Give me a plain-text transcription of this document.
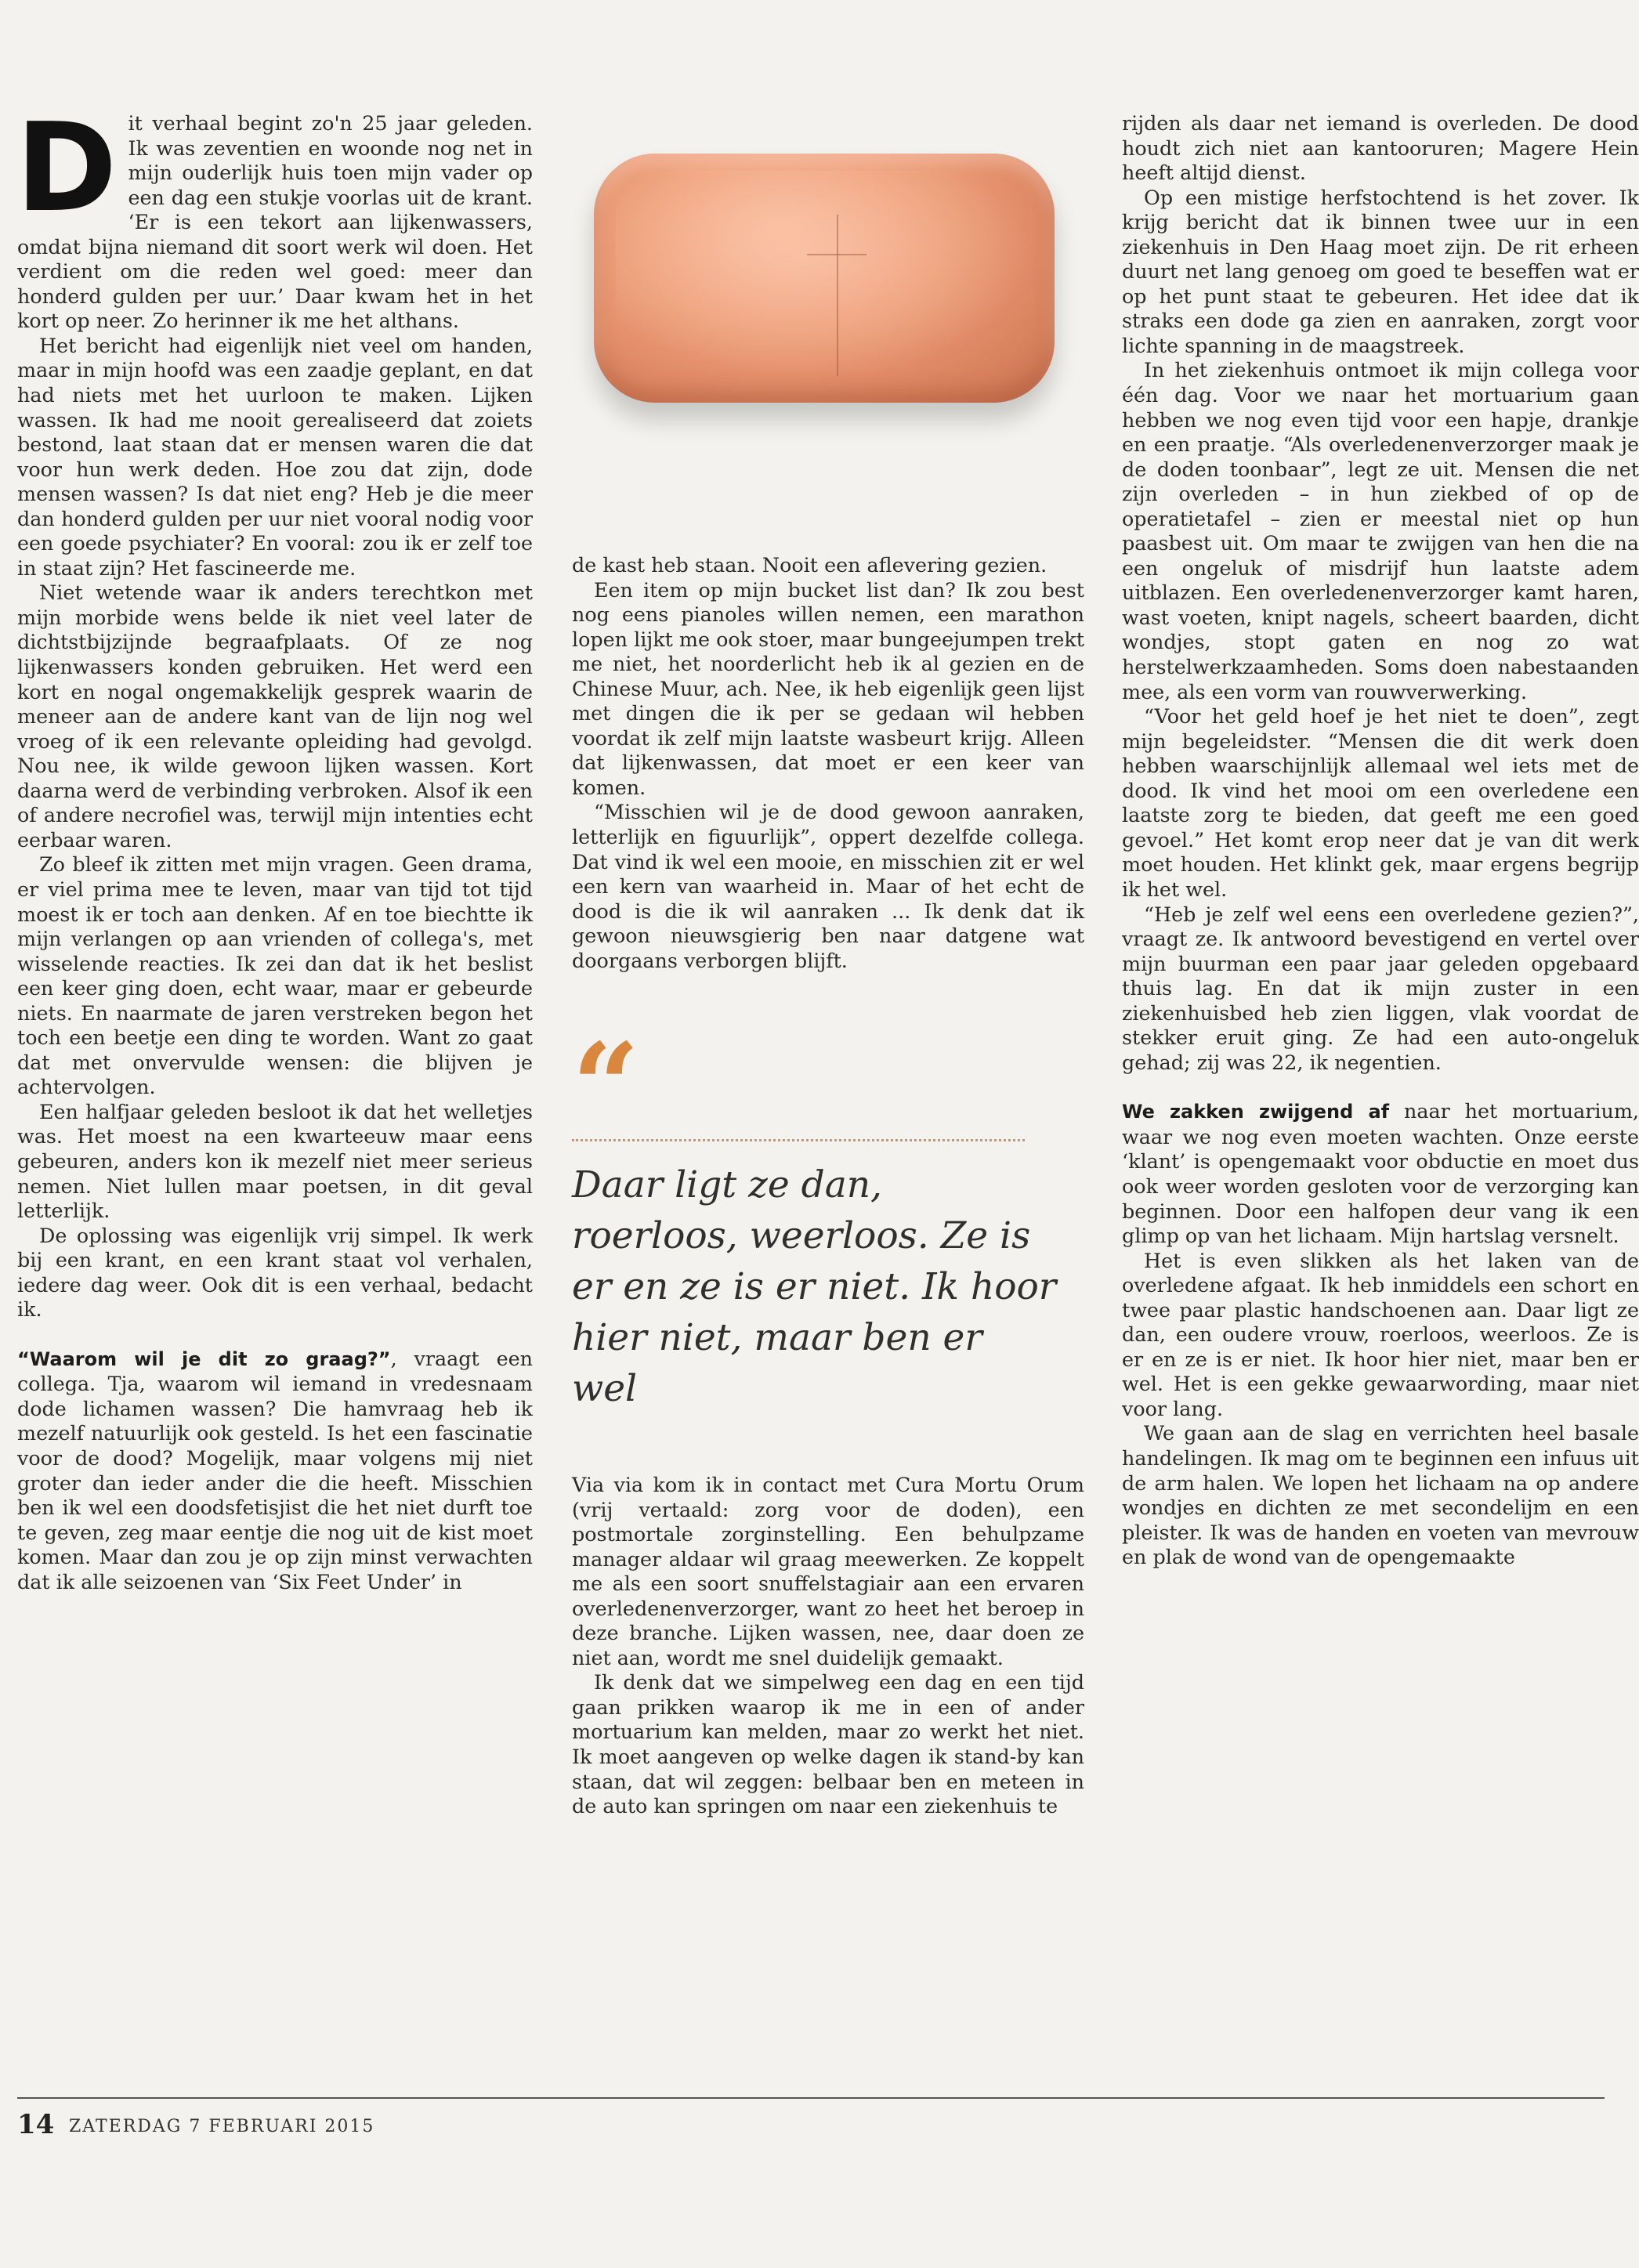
D it verhaal begint zo'n 25 jaar geleden. Ik was zeventien en woonde nog net in mijn ouderlijk huis toen mijn vader op een dag een stukje voorlas uit de krant. ‘Er is een tekort aan lijkenwassers, omdat bijna niemand dit soort werk wil doen. Het verdient om die reden wel goed: meer dan honderd gulden per uur.’ Daar kwam het in het kort op neer. Zo herinner ik me het althans.

Het bericht had eigenlijk niet veel om handen, maar in mijn hoofd was een zaadje geplant, en dat had niets met het uurloon te maken. Lijken wassen. Ik had me nooit gerealiseerd dat zoiets bestond, laat staan dat er mensen waren die dat voor hun werk deden. Hoe zou dat zijn, dode mensen wassen? Is dat niet eng? Heb je die meer dan honderd gulden per uur niet vooral nodig voor een goede psychiater? En vooral: zou ik er zelf toe in staat zijn? Het fascineerde me.

Niet wetende waar ik anders terechtkon met mijn morbide wens belde ik niet veel later de dichtstbijzijnde begraafplaats. Of ze nog lijkenwassers konden gebruiken. Het werd een kort en nogal ongemakkelijk gesprek waarin de meneer aan de andere kant van de lijn nog wel vroeg of ik een relevante opleiding had gevolgd. Nou nee, ik wilde gewoon lijken wassen. Kort daarna werd de verbinding verbroken. Alsof ik een of andere necrofiel was, terwijl mijn intenties echt eerbaar waren.

Zo bleef ik zitten met mijn vragen. Geen drama, er viel prima mee te leven, maar van tijd tot tijd moest ik er toch aan denken. Af en toe biechtte ik mijn verlangen op aan vrienden of collega's, met wisselende reacties. Ik zei dan dat ik het beslist een keer ging doen, echt waar, maar er gebeurde niets. En naarmate de jaren verstreken begon het toch een beetje een ding te worden. Want zo gaat dat met onvervulde wensen: die blijven je achtervolgen.

Een halfjaar geleden besloot ik dat het welletjes was. Het moest na een kwarteeuw maar eens gebeuren, anders kon ik mezelf niet meer serieus nemen. Niet lullen maar poetsen, in dit geval letterlijk.

De oplossing was eigenlijk vrij simpel. Ik werk bij een krant, en een krant staat vol verhalen, iedere dag weer. Ook dit is een verhaal, bedacht ik.

“Waarom wil je dit zo graag?”, vraagt een collega. Tja, waarom wil iemand in vredesnaam dode lichamen wassen? Die hamvraag heb ik mezelf natuurlijk ook gesteld. Is het een fascinatie voor de dood? Mogelijk, maar volgens mij niet groter dan ieder ander die die heeft. Misschien ben ik wel een doodsfetisjist die het niet durft toe te geven, zeg maar eentje die nog uit de kist moet komen. Maar dan zou je op zijn minst verwachten dat ik alle seizoenen van ‘Six Feet Under’ in

de kast heb staan. Nooit een aflevering gezien.

Een item op mijn bucket list dan? Ik zou best nog eens pianoles willen nemen, een marathon lopen lijkt me ook stoer, maar bungeejumpen trekt me niet, het noorderlicht heb ik al gezien en de Chinese Muur, ach. Nee, ik heb eigenlijk geen lijst met dingen die ik per se gedaan wil hebben voordat ik zelf mijn laatste wasbeurt krijg. Alleen dat lijkenwassen, dat moet er een keer van komen.

“Misschien wil je de dood gewoon aanraken, letterlijk en figuurlijk”, oppert dezelfde collega. Dat vind ik wel een mooie, en misschien zit er wel een kern van waarheid in. Maar of het echt de dood is die ik wil aanraken ... Ik denk dat ik gewoon nieuwsgierig ben naar datgene wat doorgaans verborgen blijft.

“
Daar ligt ze dan, roerloos, weerloos. Ze is er en ze is er niet. Ik hoor hier niet, maar ben er wel

Via via kom ik in contact met Cura Mortu Orum (vrij vertaald: zorg voor de doden), een postmortale zorginstelling. Een behulpzame manager aldaar wil graag meewerken. Ze koppelt me als een soort snuffelstagiair aan een ervaren overledenenverzorger, want zo heet het beroep in deze branche. Lijken wassen, nee, daar doen ze niet aan, wordt me snel duidelijk gemaakt.

Ik denk dat we simpelweg een dag en een tijd gaan prikken waarop ik me in een of ander mortuarium kan melden, maar zo werkt het niet. Ik moet aangeven op welke dagen ik stand-by kan staan, dat wil zeggen: belbaar ben en meteen in de auto kan springen om naar een ziekenhuis te

rijden als daar net iemand is overleden. De dood houdt zich niet aan kantooruren; Magere Hein heeft altijd dienst.

Op een mistige herfstochtend is het zover. Ik krijg bericht dat ik binnen twee uur in een ziekenhuis in Den Haag moet zijn. De rit erheen duurt net lang genoeg om goed te beseffen wat er op het punt staat te gebeuren. Het idee dat ik straks een dode ga zien en aanraken, zorgt voor lichte spanning in de maagstreek.

In het ziekenhuis ontmoet ik mijn collega voor één dag. Voor we naar het mortuarium gaan hebben we nog even tijd voor een hapje, drankje en een praatje. “Als overledenenverzorger maak je de doden toonbaar”, legt ze uit. Mensen die net zijn overleden – in hun ziekbed of op de operatietafel – zien er meestal niet op hun paasbest uit. Om maar te zwijgen van hen die na een ongeluk of misdrijf hun laatste adem uitblazen. Een overledenenverzorger kamt haren, wast voeten, knipt nagels, scheert baarden, dicht wondjes, stopt gaten en nog zo wat herstelwerkzaamheden. Soms doen nabestaanden mee, als een vorm van rouwverwerking.

“Voor het geld hoef je het niet te doen”, zegt mijn begeleidster. “Mensen die dit werk doen hebben waarschijnlijk allemaal wel iets met de dood. Ik vind het mooi om een overledene een laatste zorg te bieden, dat geeft me een goed gevoel.” Het komt erop neer dat je van dit werk moet houden. Het klinkt gek, maar ergens begrijp ik het wel.

“Heb je zelf wel eens een overledene gezien?”, vraagt ze. Ik antwoord bevestigend en vertel over mijn buurman een paar jaar geleden opgebaard thuis lag. En dat ik mijn zuster in een ziekenhuisbed heb zien liggen, vlak voordat de stekker eruit ging. Ze had een auto-ongeluk gehad; zij was 22, ik negentien.

We zakken zwijgend af naar het mortuarium, waar we nog even moeten wachten. Onze eerste ‘klant’ is opengemaakt voor obductie en moet dus ook weer worden gesloten voor de verzorging kan beginnen. Door een halfopen deur vang ik een glimp op van het lichaam. Mijn hartslag versnelt.

Het is even slikken als het laken van de overledene afgaat. Ik heb inmiddels een schort en twee paar plastic handschoenen aan. Daar ligt ze dan, een oudere vrouw, roerloos, weerloos. Ze is er en ze is er niet. Ik hoor hier niet, maar ben er wel. Het is een gekke gewaarwording, maar niet voor lang.

We gaan aan de slag en verrichten heel basale handelingen. Ik mag om te beginnen een infuus uit de arm halen. We lopen het lichaam na op andere wondjes en dichten ze met secondelijm en een pleister. Ik was de handen en voeten van mevrouw en plak de wond van de opengemaakte

14 ZATERDAG 7 FEBRUARI 2015
